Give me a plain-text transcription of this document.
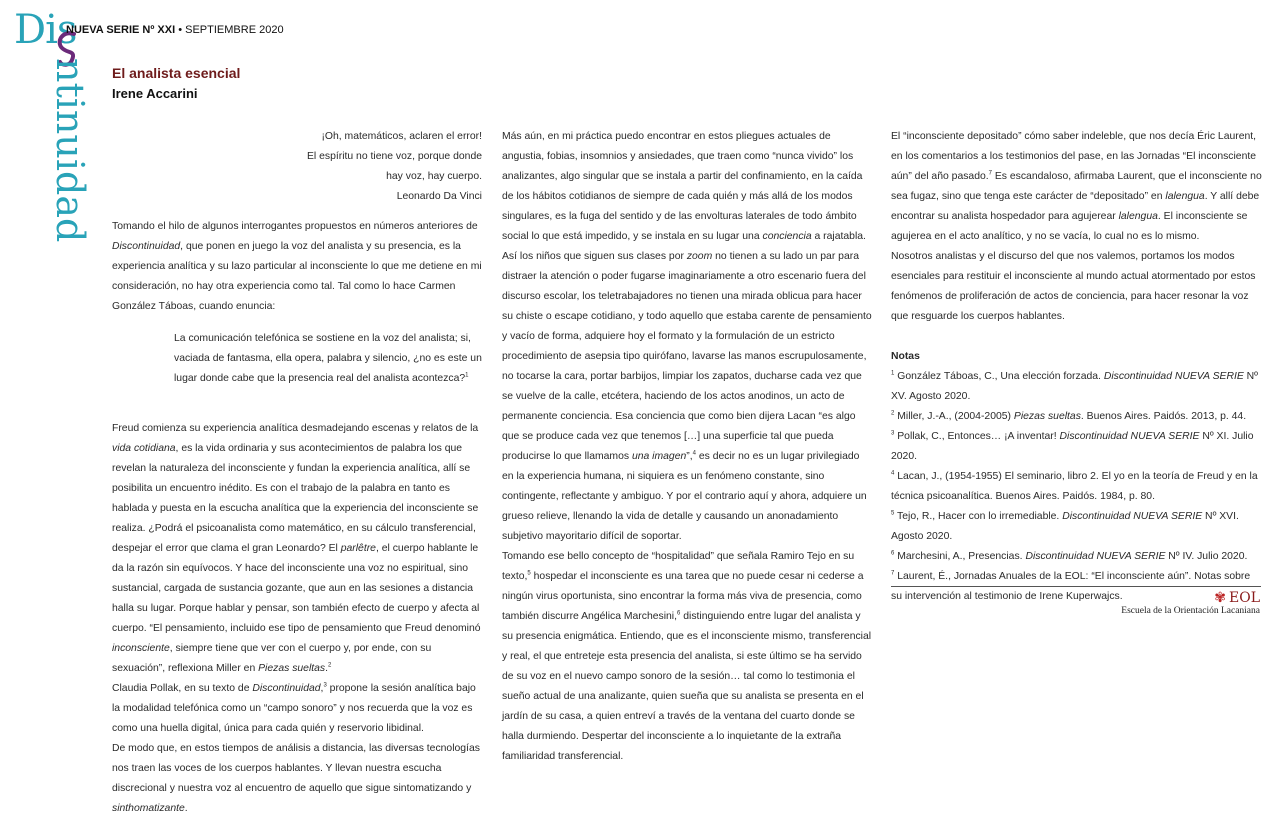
Dis
ntinuidad
NUEVA SERIE Nº XXI • SEPTIEMBRE 2020
El analista esencial
Irene Accarini

¡Oh, matemáticos, aclaren el error!
El espíritu no tiene voz, porque donde
hay voz, hay cuerpo.
Leonardo Da Vinci

Tomando el hilo de algunos interrogantes propuestos en números anteriores de Discontinuidad, que ponen en juego la voz del analista y su presencia, es la experiencia analítica y su lazo particular al inconsciente lo que me detiene en mi consideración, no hay otra experiencia como tal. Tal como lo hace Carmen González Táboas, cuando enuncia:

La comunicación telefónica se sostiene en la voz del analista; si, vaciada de fantasma, ella opera, palabra y silencio, ¿no es este un lugar donde cabe que la presencia real del analista acontezca?$^1$

Freud comienza su experiencia analítica desmadejando escenas y relatos de la vida cotidiana, es la vida ordinaria y sus acontecimientos de palabra los que revelan la naturaleza del inconsciente y fundan la experiencia analítica, allí se posibilita un encuentro inédito. Es con el trabajo de la palabra en tanto es hablada y puesta en la escucha analítica que la experiencia del inconsciente se realiza. ¿Podrá el psicoanalista como matemático, en su cálculo transferencial, despejar el error que clama el gran Leonardo? El parlêtre, el cuerpo hablante le da la razón sin equívocos. Y hace del inconsciente una voz no espiritual, sino sustancial, cargada de sustancia gozante, que aun en las sesiones a distancia halla su lugar. Porque hablar y pensar, son también efecto de cuerpo y afecta al cuerpo. “El pensamiento, incluido ese tipo de pensamiento que Freud denominó inconsciente, siempre tiene que ver con el cuerpo y, por ende, con su sexuación”, reflexiona Miller en Piezas sueltas.$^2$

Claudia Pollak, en su texto de Discontinuidad,$^3$ propone la sesión analítica bajo la modalidad telefónica como un “campo sonoro” y nos recuerda que la voz es como una huella digital, única para cada quién y reservorio libidinal.

De modo que, en estos tiempos de análisis a distancia, las diversas tecnologías nos traen las voces de los cuerpos hablantes. Y llevan nuestra escucha discrecional y nuestra voz al encuentro de aquello que sigue sintomatizando y sinthomatizante.

Más aún, en mi práctica puedo encontrar en estos pliegues actuales de angustia, fobias, insomnios y ansiedades, que traen como “nunca vivido” los analizantes, algo singular que se instala a partir del confinamiento, en la caída de los hábitos cotidianos de siempre de cada quién y más allá de los modos singulares, es la fuga del sentido y de las envolturas laterales de todo ámbito social lo que está impedido, y se instala en su lugar una conciencia a rajatabla. Así los niños que siguen sus clases por zoom no tienen a su lado un par para distraer la atención o poder fugarse imaginariamente a otro escenario fuera del discurso escolar, los teletrabajadores no tienen una mirada oblicua para hacer su chiste o escape cotidiano, y todo aquello que estaba carente de pensamiento y vacío de forma, adquiere hoy el formato y la formulación de un estricto procedimiento de asepsia tipo quirófano, lavarse las manos escrupulosamente, no tocarse la cara, portar barbijos, limpiar los zapatos, ducharse cada vez que se vuelve de la calle, etcétera, haciendo de los actos anodinos, un acto de permanente conciencia. Esa conciencia que como bien dijera Lacan “es algo que se produce cada vez que tenemos […] una superficie tal que pueda producirse lo que llamamos una imagen”,$^4$ es decir no es un lugar privilegiado en la experiencia humana, ni siquiera es un fenómeno constante, sino contingente, reflectante y ambiguo. Y por el contrario aquí y ahora, adquiere un grueso relieve, llenando la vida de detalle y causando un anonadamiento subjetivo mayoritario difícil de soportar.

Tomando ese bello concepto de “hospitalidad” que señala Ramiro Tejo en su texto,$^5$ hospedar el inconsciente es una tarea que no puede cesar ni cederse a ningún virus oportunista, sino encontrar la forma más viva de presencia, como también discurre Angélica Marchesini,$^6$ distinguiendo entre lugar del analista y su presencia enigmática. Entiendo, que es el inconsciente mismo, transferencial y real, el que entreteje esta presencia del analista, si este último se ha servido de su voz en el nuevo campo sonoro de la sesión… tal como lo testimonia el sueño actual de una analizante, quien sueña que su analista se presenta en el jardín de su casa, a quien entreví a través de la ventana del cuarto donde se halla durmiendo. Despertar del inconsciente a lo inquietante de la extraña familiaridad transferencial.

El “inconsciente depositado” cómo saber indeleble, que nos decía Éric Laurent, en los comentarios a los testimonios del pase, en las Jornadas “El inconsciente aún” del año pasado.$^7$ Es escandaloso, afirmaba Laurent, que el inconsciente no sea fugaz, sino que tenga este carácter de “depositado” en lalengua. Y allí debe encontrar su analista hospedador para agujerear lalengua. El inconsciente se agujerea en el acto analítico, y no se vacía, lo cual no es lo mismo.

Nosotros analistas y el discurso del que nos valemos, portamos los modos esenciales para restituir el inconsciente al mundo actual atormentado por estos fenómenos de proliferación de actos de conciencia, para hacer resonar la voz que resguarde los cuerpos hablantes.

Notas

$^1$ González Táboas, C., Una elección forzada. Discontinuidad NUEVA SERIE Nº XV. Agosto 2020.

$^2$ Miller, J.-A., (2004-2005) Piezas sueltas. Buenos Aires. Paidós. 2013, p. 44.

$^3$ Pollak, C., Entonces… ¡A inventar! Discontinuidad NUEVA SERIE Nº XI. Julio 2020.

$^4$ Lacan, J., (1954-1955) El seminario, libro 2. El yo en la teoría de Freud y en la técnica psicoanalítica. Buenos Aires. Paidós. 1984, p. 80.

$^5$ Tejo, R., Hacer con lo irremediable. Discontinuidad NUEVA SERIE Nº XVI. Agosto 2020.

$^6$ Marchesini, A., Presencias. Discontinuidad NUEVA SERIE Nº IV. Julio 2020.

$^7$ Laurent, É., Jornadas Anuales de la EOL: “El inconsciente aún”. Notas sobre su intervención al testimonio de Irene Kuperwajcs.	✾ EOL
Escuela de la Orientación Lacaniana
